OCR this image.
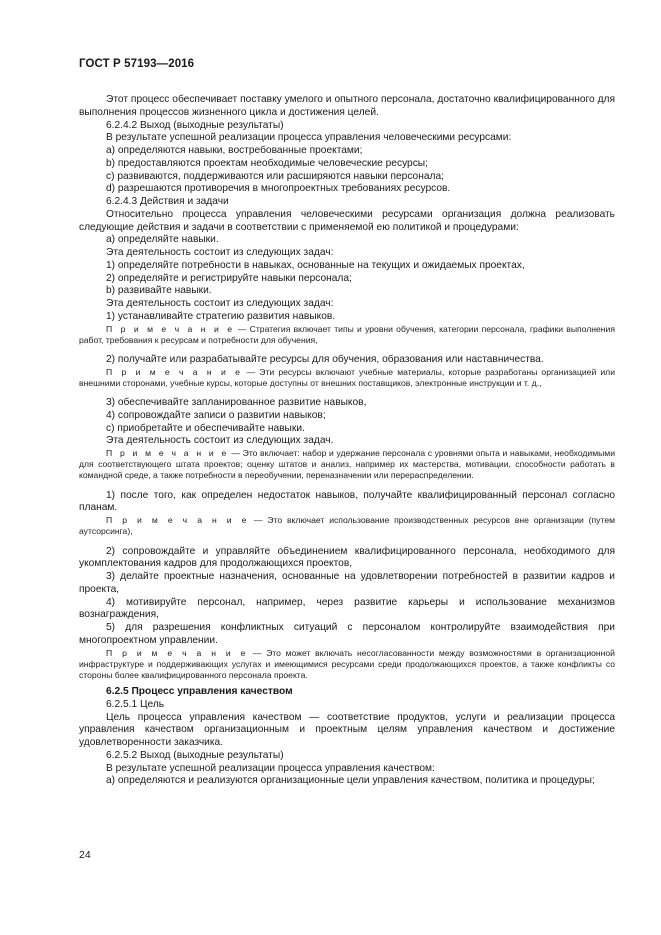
ГОСТ Р 57193—2016

Этот процесс обеспечивает поставку умелого и опытного персонала, достаточно квалифицированного для выполнения процессов жизненного цикла и достижения целей.

6.2.4.2 Выход (выходные результаты)

В результате успешной реализации процесса управления человеческими ресурсами:

a) определяются навыки, востребованные проектами;

b) предоставляются проектам необходимые человеческие ресурсы;

c) развиваются, поддерживаются или расширяются навыки персонала;

d) разрешаются противоречия в многопроектных требованиях ресурсов.

6.2.4.3 Действия и задачи

Относительно процесса управления человеческими ресурсами организация должна реализовать следующие действия и задачи в соответствии с применяемой ею политикой и процедурами:

a) определяйте навыки.

Эта деятельность состоит из следующих задач:

1) определяйте потребности в навыках, основанные на текущих и ожидаемых проектах,

2) определяйте и регистрируйте навыки персонала;

b) развивайте навыки.

Эта деятельность состоит из следующих задач:

1) устанавливайте стратегию развития навыков.

П р и м е ч а н и е — Стратегия включает типы и уровни обучения, категории персонала, графики выполнения работ, требования к ресурсам и потребности для обучения,

2) получайте или разрабатывайте ресурсы для обучения, образования или наставничества.

П р и м е ч а н и е — Эти ресурсы включают учебные материалы, которые разработаны организацией или внешними сторонами, учебные курсы, которые доступны от внешних поставщиков, электронные инструкции и т. д.,

3) обеспечивайте запланированное развитие навыков,

4) сопровождайте записи о развитии навыков;

c) приобретайте и обеспечивайте навыки.

Эта деятельность состоит из следующих задач.

П р и м е ч а н и е — Это включает: набор и удержание персонала с уровнями опыта и навыками, необходимыми для соответствующего штата проектов; оценку штатов и анализ, например их мастерства, мотивации, способности работать в командной среде, а также потребности в переобучении, переназначении или перераспределении.

1) после того, как определен недостаток навыков, получайте квалифицированный персонал согласно планам.

П р и м е ч а н и е — Это включает использование производственных ресурсов вне организации (путем аутсорсинга),

2) сопровождайте и управляйте объединением квалифицированного персонала, необходимого для укомплектования кадров для продолжающихся проектов,

3) делайте проектные назначения, основанные на удовлетворении потребностей в развитии кадров и проекта,

4) мотивируйте персонал, например, через развитие карьеры и использование механизмов вознаграждения,

5) для разрешения конфликтных ситуаций с персоналом контролируйте взаимодействия при многопроектном управлении.

П р и м е ч а н и е — Это может включать несогласованности между возможностями в организационной инфраструктуре и поддерживающих услугах и имеющимися ресурсами среди продолжающихся проектов, а также конфликты со стороны более квалифицированного персонала проекта.

6.2.5 Процесс управления качеством

6.2.5.1 Цель

Цель процесса управления качеством — соответствие продуктов, услуги и реализации процесса управления качеством организационным и проектным целям управления качеством и достижение удовлетворенности заказчика.

6.2.5.2 Выход (выходные результаты)

В результате успешной реализации процесса управления качеством:

a) определяются и реализуются организационные цели управления качеством, политика и процедуры;

24
